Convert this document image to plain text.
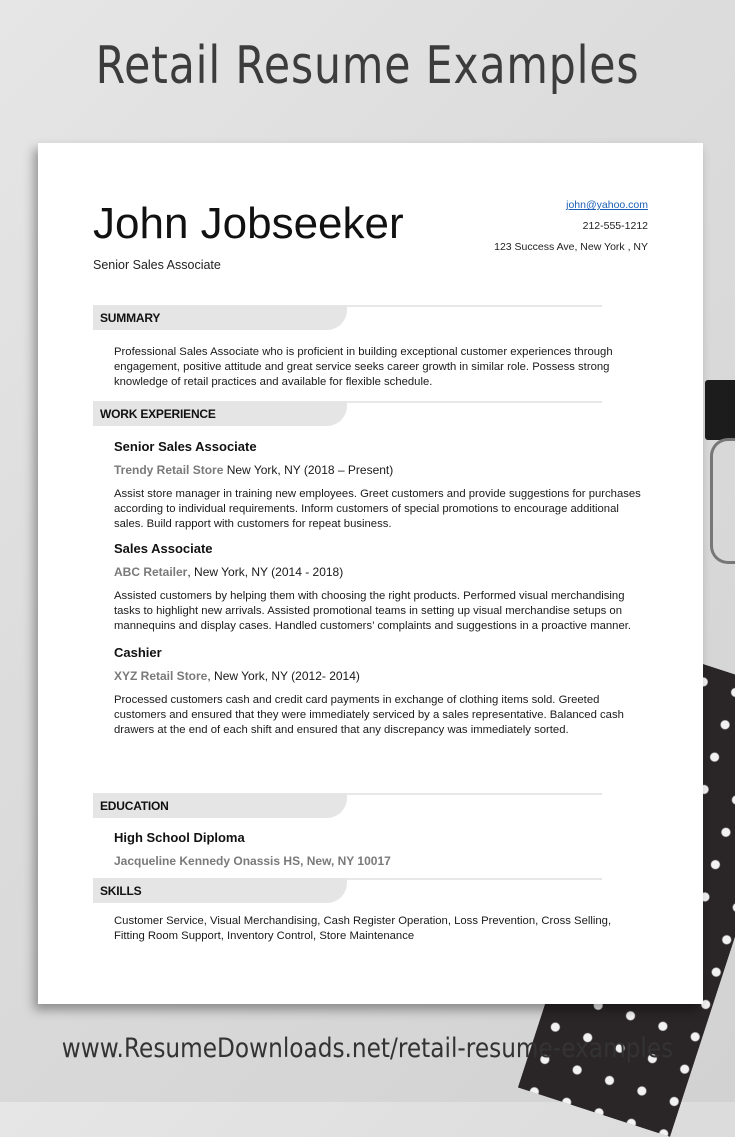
Retail Resume Examples
John Jobseeker
Senior Sales Associate
john@yahoo.com
212-555-1212
123 Success Ave, New York , NY
SUMMARY

Professional Sales Associate who is proficient in building exceptional customer experiences through engagement, positive attitude and great service seeks career growth in similar role. Possess strong knowledge of retail practices and available for flexible schedule.

WORK EXPERIENCE

Senior Sales Associate

Trendy Retail Store New York, NY (2018 – Present)

Assist store manager in training new employees. Greet customers and provide suggestions for purchases according to individual requirements. Inform customers of special promotions to encourage additional sales. Build rapport with customers for repeat business.

Sales Associate

ABC Retailer, New York, NY (2014 - 2018)

Assisted customers by helping them with choosing the right products. Performed visual merchandising tasks to highlight new arrivals. Assisted promotional teams in setting up visual merchandise setups on mannequins and display cases. Handled customers’ complaints and suggestions in a proactive manner.

Cashier

XYZ Retail Store, New York, NY (2012- 2014)

Processed customers cash and credit card payments in exchange of clothing items sold. Greeted customers and ensured that they were immediately serviced by a sales representative. Balanced cash drawers at the end of each shift and ensured that any discrepancy was immediately sorted.

EDUCATION

High School Diploma

Jacqueline Kennedy Onassis HS, New, NY 10017

SKILLS

Customer Service, Visual Merchandising, Cash Register Operation, Loss Prevention, Cross Selling, Fitting Room Support, Inventory Control, Store Maintenance

www.ResumeDownloads.net/retail-resume-examples
